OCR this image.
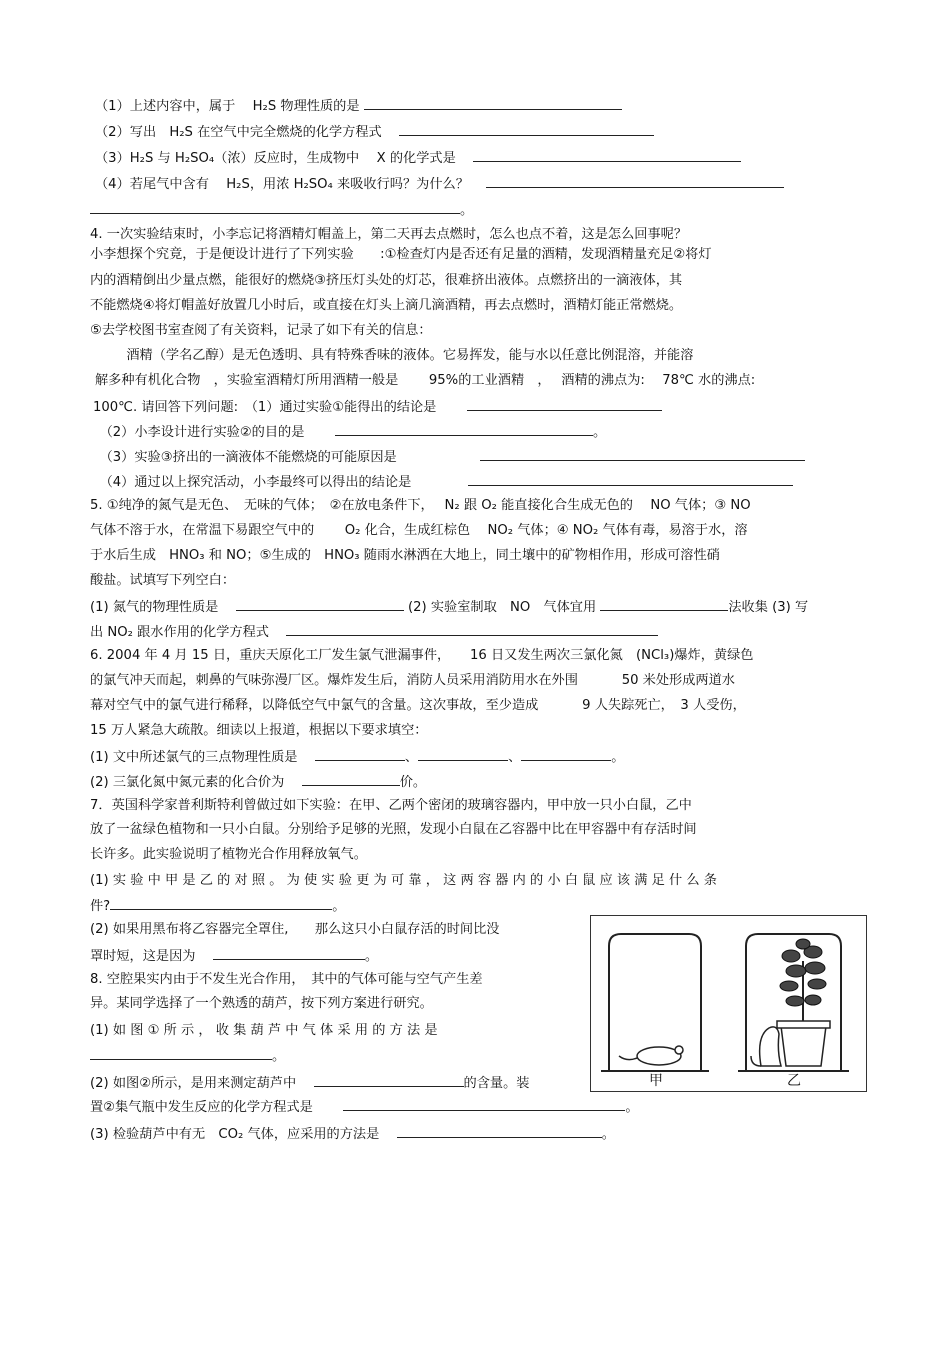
（1）上述内容中，属于　 H₂S 物理性质的是
（2）写出　H₂S 在空气中完全燃烧的化学方程式　
（3）H₂S 与 H₂SO₄（浓）反应时，生成物中　 X 的化学式是　
（4）若尾气中含有　 H₂S，用浓 H₂SO₄ 来吸收行吗？为什么？　
。
4. 一次实验结束时，小李忘记将酒精灯帽盖上，第二天再去点燃时，怎么也点不着，这是怎么回事呢？
小李想探个究竟，于是便设计进行了下列实验　　:①检查灯内是否还有足量的酒精，发现酒精量充足②将灯
内的酒精倒出少量点燃，能很好的燃烧③挤压灯头处的灯芯，很难挤出液体。点燃挤出的一滴液体，其
不能燃烧④将灯帽盖好放置几小时后，或直接在灯头上滴几滴酒精，再去点燃时，酒精灯能正常燃烧。
⑤去学校图书室查阅了有关资料，记录了如下有关的信息：
　　酒精（学名乙醇）是无色透明、具有特殊香味的液体。它易挥发，能与水以任意比例混溶，并能溶
解多种有机化合物　，实验室酒精灯所用酒精一般是　　 95%的工业酒精　，　 酒精的沸点为:　 78℃ 水的沸点:
100℃. 请回答下列问题:　（1）通过实验①能得出的结论是　　
　（2）小李设计进行实验②的目的是　　	。
　（3）实验③挤出的一滴液体不能燃烧的可能原因是　　　　　　
　（4）通过以上探究活动，小李最终可以得出的结论是　　　　
5. ①纯净的氮气是无色、　无味的气体；　②在放电条件下，　 N₂ 跟 O₂ 能直接化合生成无色的　 NO 气体；③ NO
气体不溶于水，在常温下易跟空气中的　　 O₂ 化合，生成红棕色　 NO₂ 气体；④ NO₂ 气体有毒，易溶于水，溶
于水后生成　HNO₃ 和 NO；⑤生成的　HNO₃ 随雨水淋洒在大地上，同土壤中的矿物相作用，形成可溶性硝
酸盐。试填写下列空白：
(1) 氮气的物理性质是　	(2) 实验室制取　NO　气体宜用	法收集 (3) 写
出 NO₂ 跟水作用的化学方程式　
6. 2004 年 4 月 15 日，重庆天原化工厂发生氯气泄漏事件，　　16 日又发生两次三氯化氮　(NCl₃)爆炸，黄绿色
的氯气冲天而起，刺鼻的气味弥漫厂区。爆炸发生后，消防人员采用消防用水在外围　　　 50 米处形成两道水
幕对空气中的氯气进行稀释，以降低空气中氯气的含量。这次事故，至少造成　　　 9 人失踪死亡，　3 人受伤，
15 万人紧急大疏散。细读以上报道，根据以下要求填空：
(1) 文中所述氯气的三点物理性质是　	、	、	。
(2) 三氯化氮中氮元素的化合价为　	价。
7．英国科学家普利斯特利曾做过如下实验：在甲、乙两个密闭的玻璃容器内，甲中放一只小白鼠，乙中
放了一盆绿色植物和一只小白鼠。分别给予足够的光照，发现小白鼠在乙容器中比在甲容器中有存活时间
长许多。此实验说明了植物光合作用释放氧气。
(1) 实 验 中 甲 是 乙 的 对 照 。 为 使 实 验 更 为 可 靠 ， 这 两 容 器 内 的 小 白 鼠 应 该 满 足 什 么 条
件?	。
(2) 如果用黑布将乙容器完全罩住,　　那么这只小白鼠存活的时间比没
罩时短，这是因为　	。
8. 空腔果实内由于不发生光合作用，　其中的气体可能与空气产生差
异。某同学选择了一个熟透的葫芦，按下列方案进行研究。
(1) 如 图 ① 所 示 ， 收 集 葫 芦 中 气 体 采 用 的 方 法 是
。
(2) 如图②所示，是用来测定葫芦中　	的含量。装
置②集气瓶中发生反应的化学方程式是　　	。
(3) 检验葫芦中有无　CO₂ 气体，应采用的方法是　	。
甲	乙
